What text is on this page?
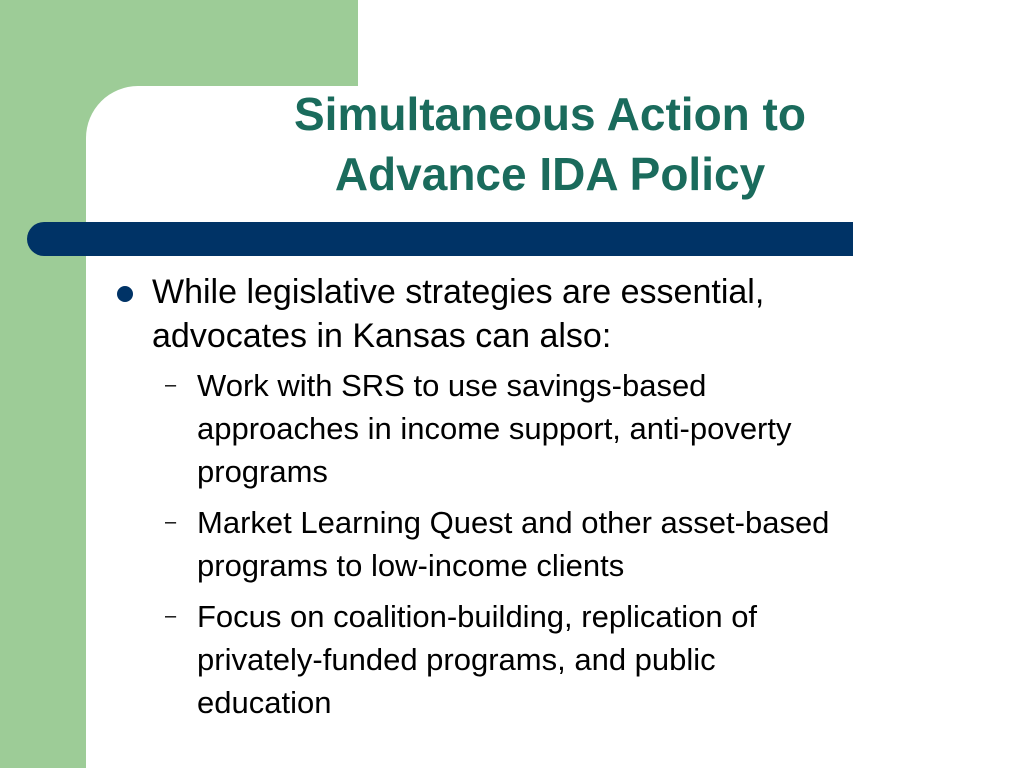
Simultaneous Action to
Advance IDA Policy
While legislative strategies are essential,
advocates in Kansas can also:
– Work with SRS to use savings-based
approaches in income support, anti-poverty
programs
– Market Learning Quest and other asset-based
programs to low-income clients
– Focus on coalition-building, replication of
privately-funded programs, and public
education
